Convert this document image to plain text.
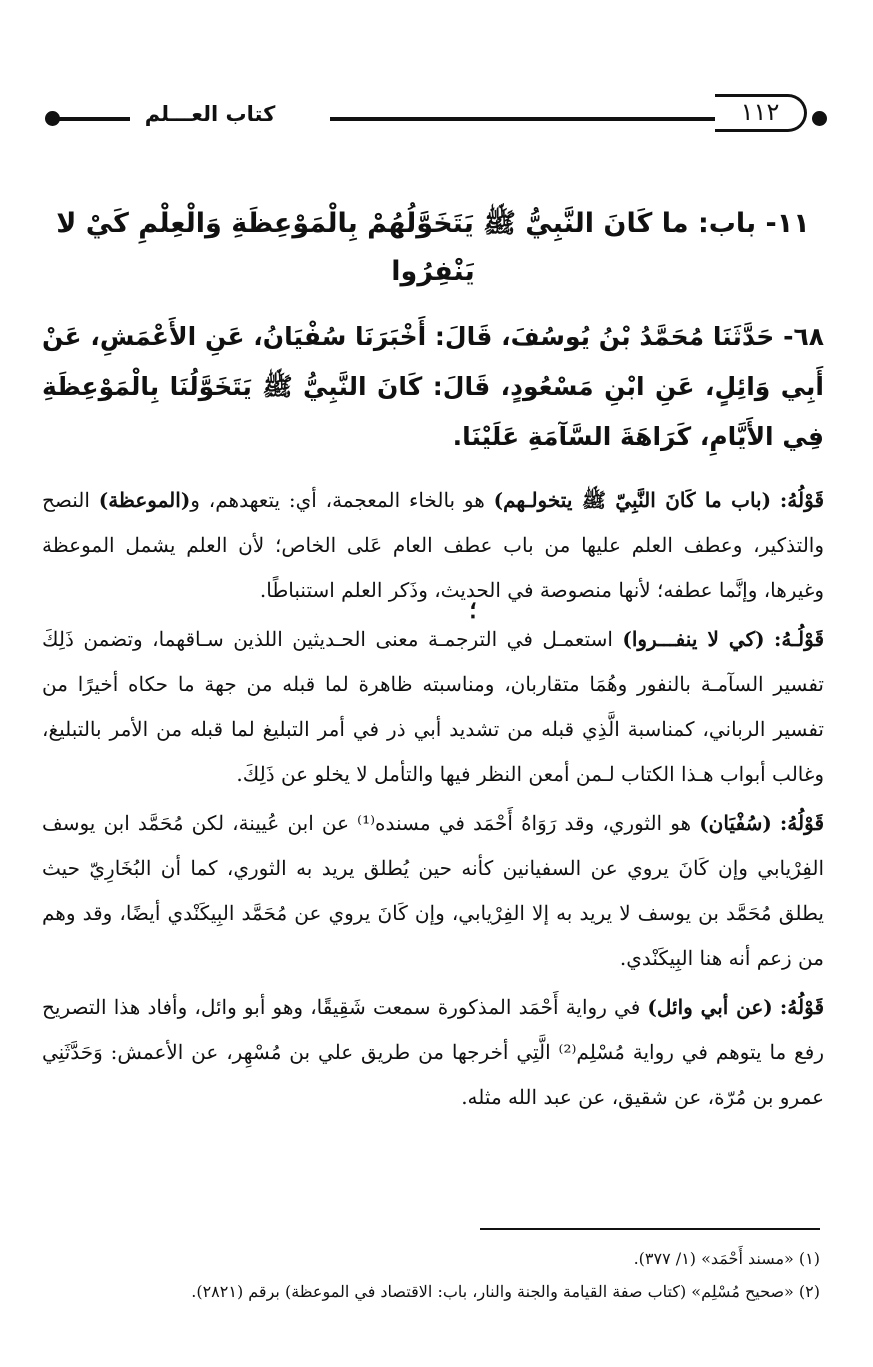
كتاب العـــلم	١١٢
١١- باب: ما كَانَ النَّبِيُّ ﷺ يَتَخَوَّلُهُمْ بِالْمَوْعِظَةِ وَالْعِلْمِ كَيْ لا يَنْفِرُوا

٦٨- حَدَّثَنَا مُحَمَّدُ بْنُ يُوسُفَ، قَالَ: أَخْبَرَنَا سُفْيَانُ، عَنِ الأَعْمَشِ، عَنْ أَبِي وَائِلٍ، عَنِ ابْنِ مَسْعُودٍ، قَالَ: كَانَ النَّبِيُّ ﷺ يَتَخَوَّلُنَا بِالْمَوْعِظَةِ فِي الأَيَّامِ، كَرَاهَةَ السَّآمَةِ عَلَيْنَا.

قَوْلُهُ: (باب ما كَانَ النَّبِيّ ﷺ يتخولـهم) هو بالخاء المعجمة، أي: يتعهدهم، و(الموعظة) النصح والتذكير، وعطف العلم عليها من باب عطف العام عَلى الخاص؛ لأن العلم يشمل الموعظة وغيرها، وإنَّما عطفه؛ لأنها منصوصة في الحديث، وذَكر العلم استنباطًا.

؛

قَوْلُـهُ: (كي لا ينفـــروا) استعمـل في الترجمـة معنى الحـديثين اللذين سـاقهما، وتضمن ذَلِكَ تفسير السآمـة بالنفور وهُمَا متقاربان، ومناسبته ظاهرة لما قبله من جهة ما حكاه أخيرًا من تفسير الرباني، كمناسبة الَّذِي قبله من تشديد أبي ذر في أمر التبليغ لما قبله من الأمر بالتبليغ، وغالب أبواب هـذا الكتاب لـمن أمعن النظر فيها والتأمل لا يخلو عن ذَلِكَ.

قَوْلُهُ: (سُفْيَان) هو الثوري، وقد رَوَاهُ أَحْمَد في مسنده⁽¹⁾ عن ابن عُيينة، لكن مُحَمَّد ابن يوسف الفِرْيابي وإن كَانَ يروي عن السفيانين كأنه حين يُطلق يريد به الثوري، كما أن البُخَارِيّ حيث يطلق مُحَمَّد بن يوسف لا يريد به إلا الفِرْيابي، وإن كَانَ يروي عن مُحَمَّد البِيكَنْدي أيضًا، وقد وهم من زعم أنه هنا البِيكَنْدي.

قَوْلُهُ: (عن أبي وائل) في رواية أَحْمَد المذكورة سمعت شَقِيقًا، وهو أبو وائل، وأفاد هذا التصريح رفع ما يتوهم في رواية مُسْلِم⁽²⁾ الَّتِي أخرجها من طريق علي بن مُسْهِر، عن الأعمش: وَحَدَّثَنِي عمرو بن مُرّة، عن شقيق، عن عبد الله مثله.

(١) «مسند أَحْمَد» (١/ ٣٧٧).

(٢) «صحيح مُسْلِم» (كتاب صفة القيامة والجنة والنار، باب: الاقتصاد في الموعظة) برقم (٢٨٢١).
